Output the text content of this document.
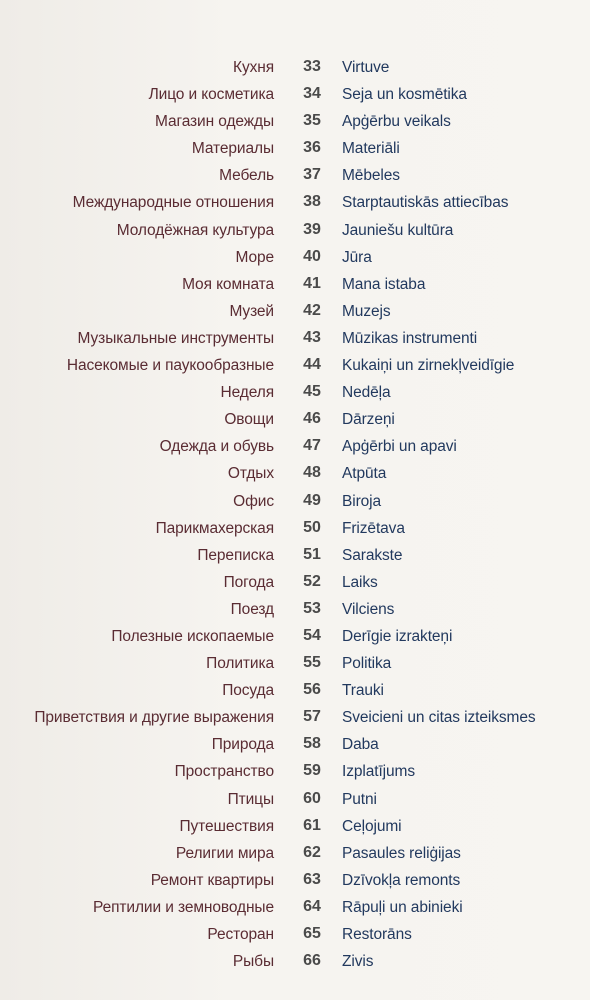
Кухня	33	Virtuve
Лицо и косметика	34	Seja un kosmētika
Магазин одежды	35	Apģērbu veikals
Материалы	36	Materiāli
Мебель	37	Mēbeles
Международные отношения	38	Starptautiskās attiecības
Молодёжная культура	39	Jauniešu kultūra
Море	40	Jūra
Моя комната	41	Mana istaba
Музей	42	Muzejs
Музыкальные инструменты	43	Mūzikas instrumenti
Насекомые и паукообразные	44	Kukaiņi un zirnekļveidīgie
Неделя	45	Nedēļa
Овощи	46	Dārzeņi
Одежда и обувь	47	Apģērbi un apavi
Отдых	48	Atpūta
Офис	49	Biroja
Парикмахерская	50	Frizētava
Переписка	51	Sarakste
Погода	52	Laiks
Поезд	53	Vilciens
Полезные ископаемые	54	Derīgie izrakteņi
Политика	55	Politika
Посуда	56	Trauki
Приветствия и другие выражения	57	Sveicieni un citas izteiksmes
Природа	58	Daba
Пространство	59	Izplatījums
Птицы	60	Putni
Путешествия	61	Ceļojumi
Религии мира	62	Pasaules reliģijas
Ремонт квартиры	63	Dzīvokļa remonts
Рептилии и земноводные	64	Rāpuļi un abinieki
Ресторан	65	Restorāns
Рыбы	66	Zivis
